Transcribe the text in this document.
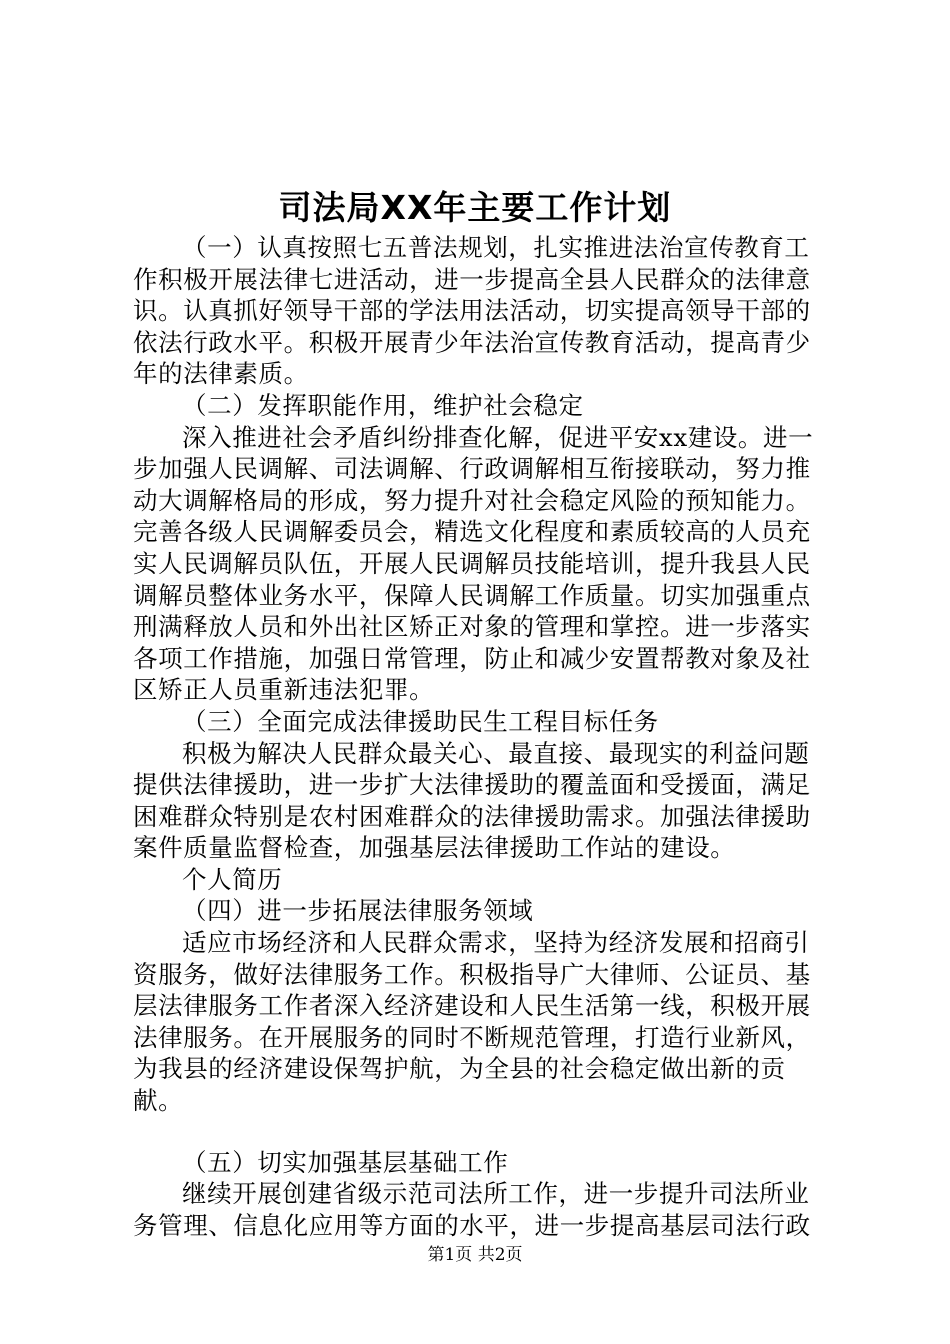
司法局XX年主要工作计划

（一）认真按照七五普法规划，扎实推进法治宣传教育工作积极开展法律七进活动，进一步提高全县人民群众的法律意识。认真抓好领导干部的学法用法活动，切实提高领导干部的依法行政水平。积极开展青少年法治宣传教育活动，提高青少年的法律素质。

（二）发挥职能作用，维护社会稳定

深入推进社会矛盾纠纷排查化解，促进平安xx建设。进一步加强人民调解、司法调解、行政调解相互衔接联动，努力推动大调解格局的形成，努力提升对社会稳定风险的预知能力。完善各级人民调解委员会，精选文化程度和素质较高的人员充实人民调解员队伍，开展人民调解员技能培训，提升我县人民调解员整体业务水平，保障人民调解工作质量。切实加强重点刑满释放人员和外出社区矫正对象的管理和掌控。进一步落实各项工作措施，加强日常管理，防止和减少安置帮教对象及社区矫正人员重新违法犯罪。

（三）全面完成法律援助民生工程目标任务

积极为解决人民群众最关心、最直接、最现实的利益问题提供法律援助，进一步扩大法律援助的覆盖面和受援面，满足困难群众特别是农村困难群众的法律援助需求。加强法律援助案件质量监督检查，加强基层法律援助工作站的建设。

个人简历

（四）进一步拓展法律服务领域

适应市场经济和人民群众需求，坚持为经济发展和招商引资服务，做好法律服务工作。积极指导广大律师、公证员、基层法律服务工作者深入经济建设和人民生活第一线，积极开展法律服务。在开展服务的同时不断规范管理，打造行业新风，为我县的经济建设保驾护航，为全县的社会稳定做出新的贡献。

（五）切实加强基层基础工作

继续开展创建省级示范司法所工作，进一步提升司法所业务管理、信息化应用等方面的水平，进一步提高基层司法行政

第1页 共2页
